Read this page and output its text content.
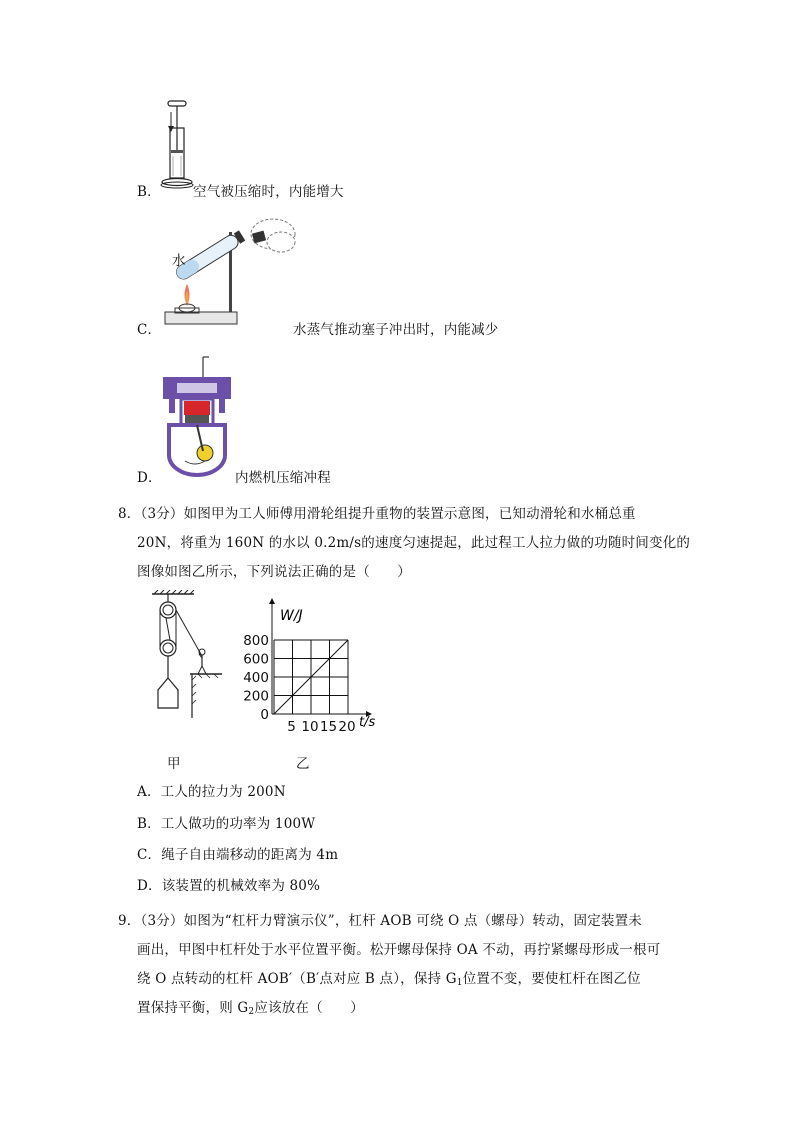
B． 空气被压缩时，内能增大
水
C．	水蒸气推动塞子冲出时，内能减少
D．	内燃机压缩冲程
8．（3分）如图甲为工人师傅用滑轮组提升重物的装置示意图，已知动滑轮和水桶总重
20N，将重为 160N 的水以 0.2m/s的速度匀速提起，此过程工人拉力做的功随时间变化的
图像如图乙所示，下列说法正确的是（　　）
W/J
t/s
0
200
400
600
800
5 10 15 20
甲	乙
A．工人的拉力为 200N
B．工人做功的功率为 100W
C．绳子自由端移动的距离为 4m
D．该装置的机械效率为 80%
9．（3分）如图为“杠杆力臂演示仪”，杠杆 AOB 可绕 O 点（螺母）转动，固定装置未
画出，甲图中杠杆处于水平位置平衡。松开螺母保持 OA 不动，再拧紧螺母形成一根可
绕 O 点转动的杠杆 AOB′（B′点对应 B 点），保持 $G_1$位置不变，要使杠杆在图乙位
置保持平衡，则 $G_2$应该放在（　　）
